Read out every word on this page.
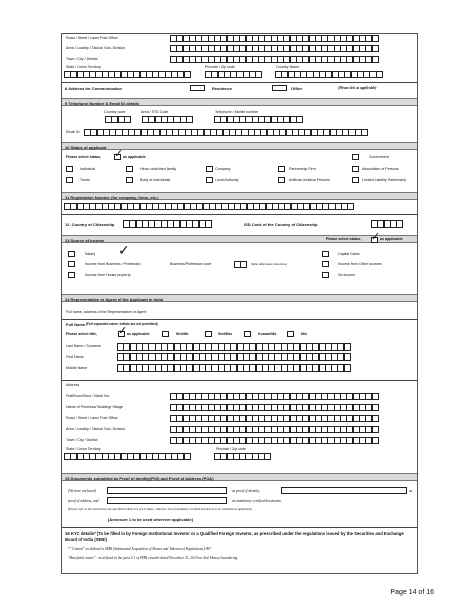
Road / Street / Lane/ Post Office
Area / Locality / Taluka/ Sub- Division
Town / City / District
State / Union Territory	Pincode / Zip code	Country Name
8 Address for Communication	Residence	Office	(Please tick as applicable)
9 Telephone Number & Email ID details
Country code	Area / STD Code	Telephone / Mobile number
Email ID
10 Status of applicant
Please select status, ✓ as applicable	Government
Individual	Hindu undivided family	Company	Partnership Firm	Association of Persons
Trusts	Body of Individuals	Local Authority	Artificial Juridical Persons	Limited Liability Partnership
11 Registration Number (for company, firms, etc.)
12. Country of Citizenship	ISD Code of the Country of Citizenship
13 Source of Income	Please select status, ✓ as applicable
✓
Salary	Capital Gains
Income from Business / Profession	Business/Profession code	(Refer table below instructions)	Income from Other sources
Income from House property	No income
14 Representative or Agent of the Applicant in India
Full name, address of the Representative or Agent
Full Name (Full expanded name: initials are not permitted)
Please select title, ✓ as applicable	Shri/Mr.	Smt/Mrs	Kumari/Ms	M/s
Last Name / Surname
First Name
Middle Name
Address
Flat/Room/Door / Block No.
Name of Premises/ Building/ Village
Road / Street / Lane/ Post Office
Area / Locality / Taluka/ Sub- Division
Town / City / District
State / Union Territory	Pincode / Zip code
15 Documents submitted as Proof of Identity(POI) and Proof of Address (POA)
(We have enclosed)	as proof of identity,	as
proof of address, and	as mandatory certified documents.
(Please refer to the instructions (as specified in Rule 114 of I.T. Rules, 1962) for list of mandatory certified documents to be submitted as applicable)
[Annexure 1 to be used wherever applicable]
16 KYC details* [To be filled in by Foreign Institutional Investor or a Qualified Foreign Investor, as prescribed under the regulations issued by the Securities and Exchange Board of India (SEBI)
* "Control" as defined in SEBI (Substantial Acquisition of Shares and Takeovers) Regulations,1997
"Beneficial owner" - as defined in the para 5.1 of SEBI circular dated December 31, 2010 on Anti Money Laundering.
Page 14 of 16
